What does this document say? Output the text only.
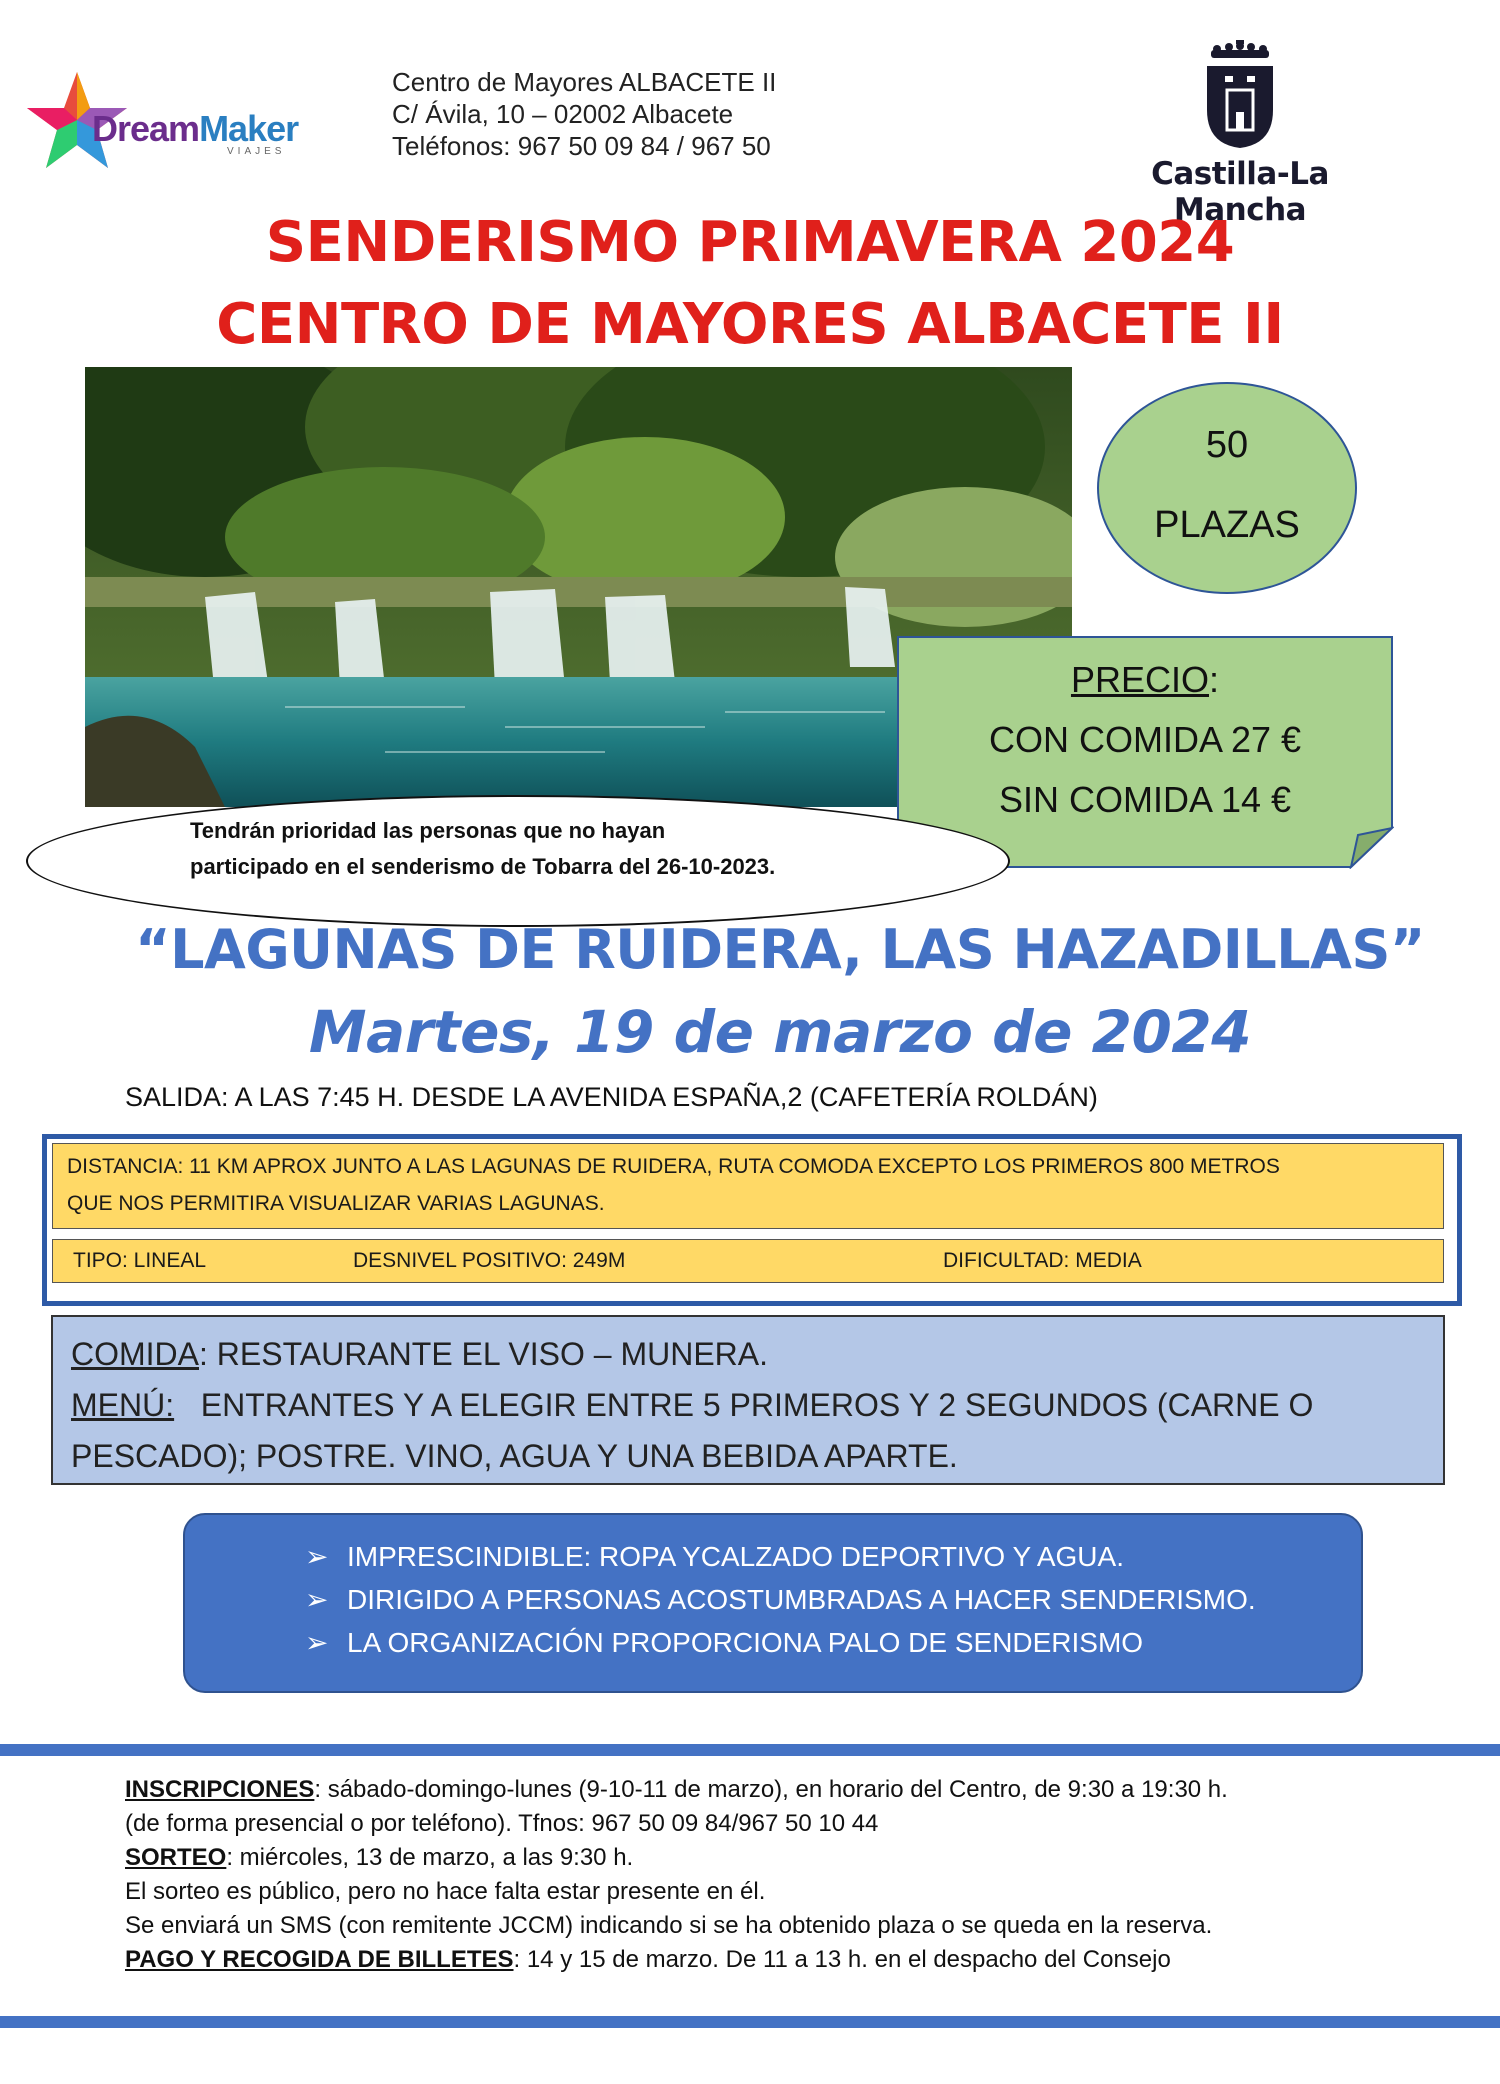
DreamMaker
VIAJES
Centro de Mayores ALBACETE II
C/ Ávila, 10 – 02002 Albacete
Teléfonos: 967 50 09 84 / 967 50
Castilla-La Mancha
SENDERISMO PRIMAVERA 2024
CENTRO DE MAYORES ALBACETE II
50
PLAZAS
PRECIO:
CON COMIDA 27 €
SIN COMIDA 14 €
Tendrán prioridad las personas que no hayan
participado en el senderismo de Tobarra del 26-10-2023.
“LAGUNAS DE RUIDERA, LAS HAZADILLAS”
Martes, 19 de marzo de 2024
SALIDA: A LAS 7:45 H. DESDE LA AVENIDA ESPAÑA,2 (CAFETERÍA ROLDÁN)
DISTANCIA: 11 KM APROX JUNTO A LAS LAGUNAS DE RUIDERA, RUTA COMODA EXCEPTO LOS PRIMEROS 800 METROS
QUE NOS PERMITIRA VISUALIZAR VARIAS LAGUNAS.
TIPO: LINEAL	DESNIVEL POSITIVO: 249M	DIFICULTAD: MEDIA
COMIDA: RESTAURANTE EL VISO – MUNERA.
MENÚ:   ENTRANTES Y A ELEGIR ENTRE 5 PRIMEROS Y 2 SEGUNDOS (CARNE O
PESCADO); POSTRE. VINO, AGUA Y UNA BEBIDA APARTE.
➢ IMPRESCINDIBLE: ROPA YCALZADO DEPORTIVO Y AGUA.
➢ DIRIGIDO A PERSONAS ACOSTUMBRADAS A HACER SENDERISMO.
➢ LA ORGANIZACIÓN PROPORCIONA PALO DE SENDERISMO
INSCRIPCIONES: sábado-domingo-lunes (9-10-11 de marzo), en horario del Centro, de 9:30 a 19:30 h.
(de forma presencial o por teléfono). Tfnos: 967 50 09 84/967 50 10 44
SORTEO: miércoles, 13 de marzo, a las 9:30 h.
El sorteo es público, pero no hace falta estar presente en él.
Se enviará un SMS (con remitente JCCM) indicando si se ha obtenido plaza o se queda en la reserva.
PAGO Y RECOGIDA DE BILLETES: 14 y 15 de marzo. De 11 a 13 h. en el despacho del Consejo
